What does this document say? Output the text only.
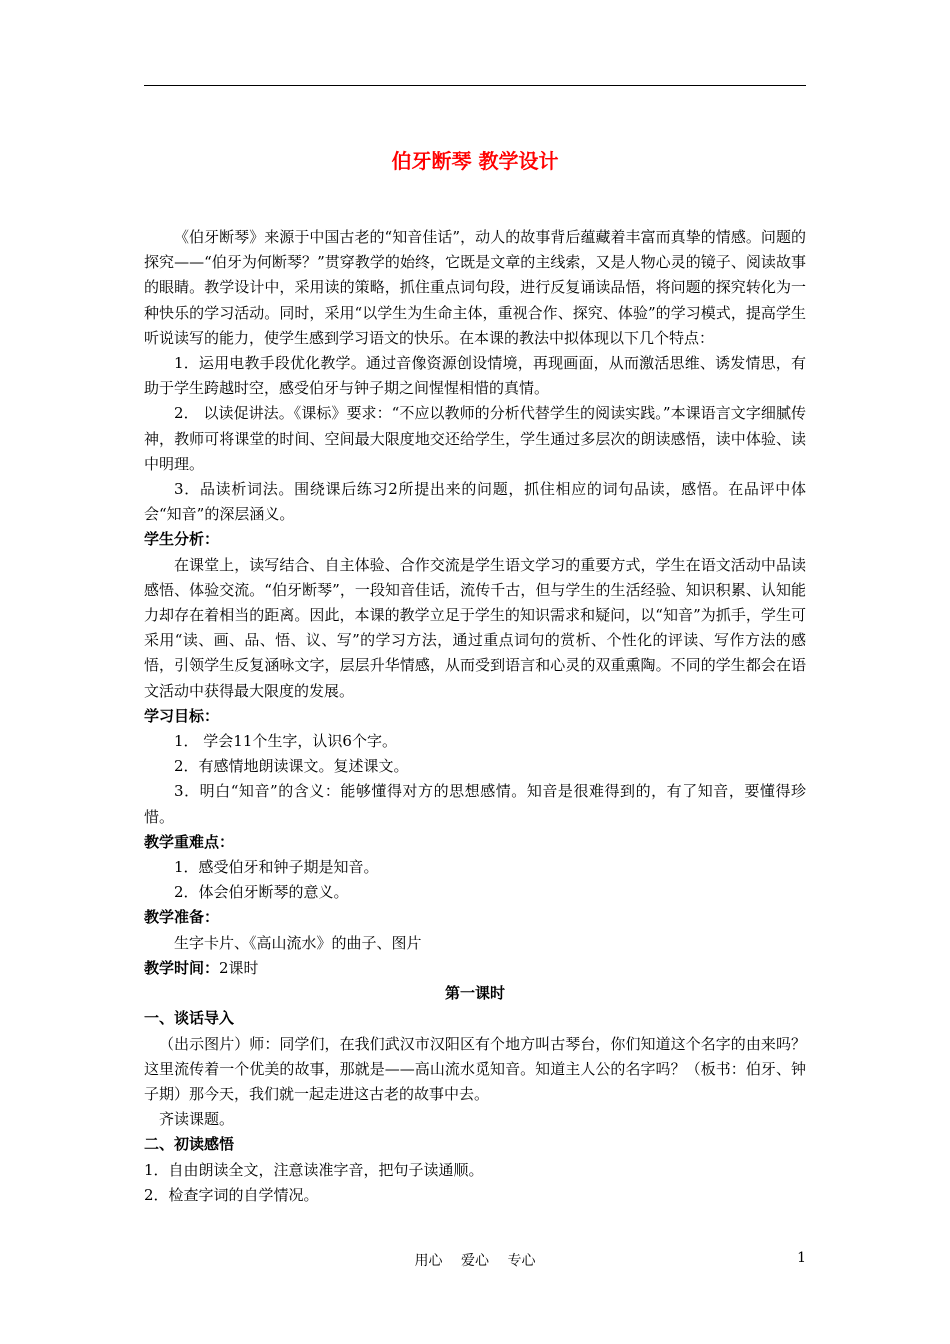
伯牙断琴 教学设计

《伯牙断琴》来源于中国古老的“知音佳话”，动人的故事背后蕴藏着丰富而真挚的情感。问题的探究——“伯牙为何断琴？”贯穿教学的始终，它既是文章的主线索，又是人物心灵的镜子、阅读故事的眼睛。教学设计中，采用读的策略，抓住重点词句段，进行反复诵读品悟，将问题的探究转化为一种快乐的学习活动。同时，采用“以学生为生命主体，重视合作、探究、体验”的学习模式，提高学生听说读写的能力，使学生感到学习语文的快乐。在本课的教法中拟体现以下几个特点：

1．运用电教手段优化教学。通过音像资源创设情境，再现画面，从而激活思维、诱发情思，有助于学生跨越时空，感受伯牙与钟子期之间惺惺相惜的真情。

2． 以读促讲法。《课标》要求：“不应以教师的分析代替学生的阅读实践。”本课语言文字细腻传神，教师可将课堂的时间、空间最大限度地交还给学生，学生通过多层次的朗读感悟，读中体验、读中明理。

3．品读析词法。围绕课后练习2所提出来的问题，抓住相应的词句品读，感悟。在品评中体会“知音”的深层涵义。

学生分析：

在课堂上，读写结合、自主体验、合作交流是学生语文学习的重要方式，学生在语文活动中品读感悟、体验交流。“伯牙断琴”，一段知音佳话，流传千古，但与学生的生活经验、知识积累、认知能力却存在着相当的距离。因此，本课的教学立足于学生的知识需求和疑问，以“知音”为抓手，学生可采用“读、画、品、悟、议、写”的学习方法，通过重点词句的赏析、个性化的评读、写作方法的感悟，引领学生反复涵咏文字，层层升华情感，从而受到语言和心灵的双重熏陶。不同的学生都会在语文活动中获得最大限度的发展。

学习目标：

1． 学会11个生字，认识6个字。

2．有感情地朗读课文。复述课文。

3．明白“知音”的含义：能够懂得对方的思想感情。知音是很难得到的，有了知音，要懂得珍惜。

教学重难点：

1．感受伯牙和钟子期是知音。

2．体会伯牙断琴的意义。

教学准备：

生字卡片、《高山流水》的曲子、图片

教学时间：2课时

第一课时

一、谈话导入

（出示图片）师：同学们，在我们武汉市汉阳区有个地方叫古琴台，你们知道这个名字的由来吗？这里流传着一个优美的故事，那就是——高山流水觅知音。知道主人公的名字吗？（板书：伯牙、钟子期）那今天，我们就一起走进这古老的故事中去。

齐读课题。

二、初读感悟

1．自由朗读全文，注意读准字音，把句子读通顺。

2．检查字词的自学情况。

用心　 爱心　 专心	1
